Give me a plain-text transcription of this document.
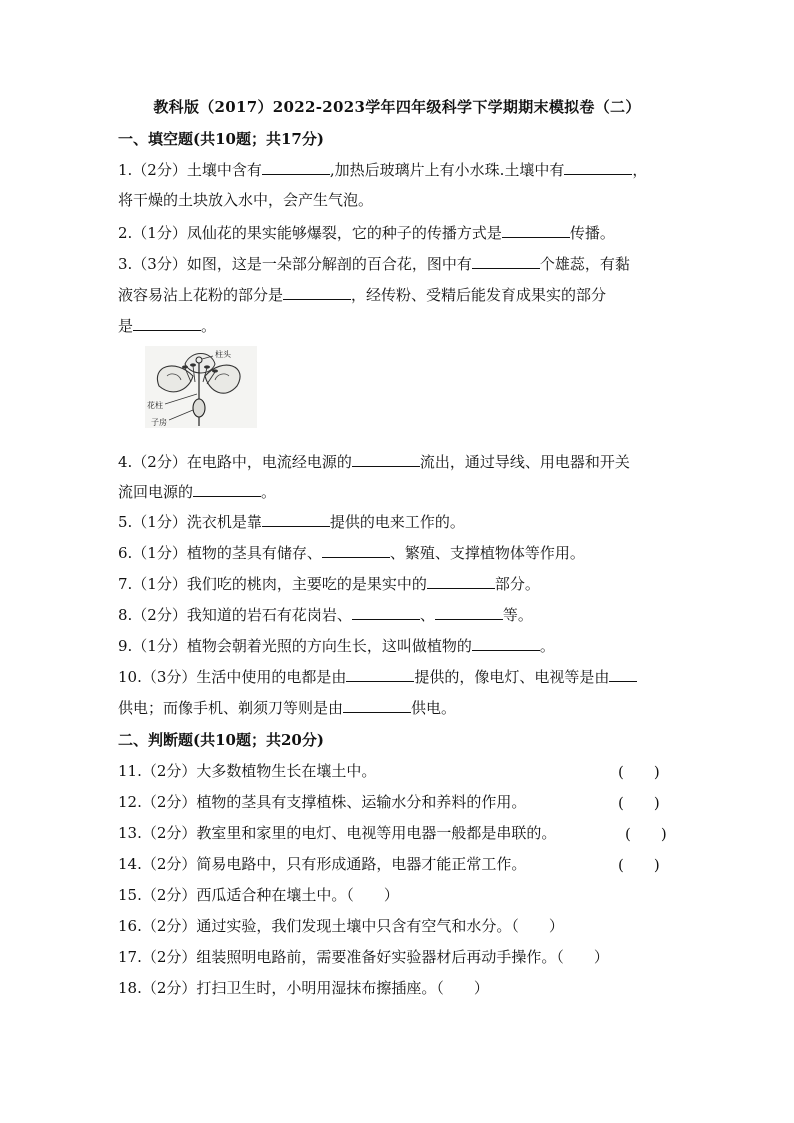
教科版（2017）2022-2023学年四年级科学下学期期末模拟卷（二）
一、填空题(共10题；共17分)
1.（2分）土壤中含有	,加热后玻璃片上有小水珠.土壤中有	，
将干燥的土块放入水中，会产生气泡。
2.（1分）凤仙花的果实能够爆裂，它的种子的传播方式是	传播。
3.（3分）如图，这是一朵部分解剖的百合花，图中有	个雄蕊，有黏
液容易沾上花粉的部分是	，经传粉、受精后能发育成果实的部分
是	。
柱头
花柱
子房
4.（2分）在电路中，电流经电源的	流出，通过导线、用电器和开关
流回电源的	。
5.（1分）洗衣机是靠	提供的电来工作的。
6.（1分）植物的茎具有储存、	、繁殖、支撑植物体等作用。
7.（1分）我们吃的桃肉，主要吃的是果实中的	部分。
8.（2分）我知道的岩石有花岗岩、	、	等。
9.（1分）植物会朝着光照的方向生长，这叫做植物的	。
10.（3分）生活中使用的电都是由	提供的，像电灯、电视等是由
供电；而像手机、剃须刀等则是由	供电。
二、判断题(共10题；共20分)
11.（2分）大多数植物生长在壤土中。	(　　)
12.（2分）植物的茎具有支撑植株、运输水分和养料的作用。	(　　)
13.（2分）教室里和家里的电灯、电视等用电器一般都是串联的。	(　　)
14.（2分）简易电路中，只有形成通路，电器才能正常工作。	(　　)
15.（2分）西瓜适合种在壤土中。（　　）
16.（2分）通过实验，我们发现土壤中只含有空气和水分。（　　）
17.（2分）组装照明电路前，需要准备好实验器材后再动手操作。（　　）
18.（2分）打扫卫生时，小明用湿抹布擦插座。（　　）
